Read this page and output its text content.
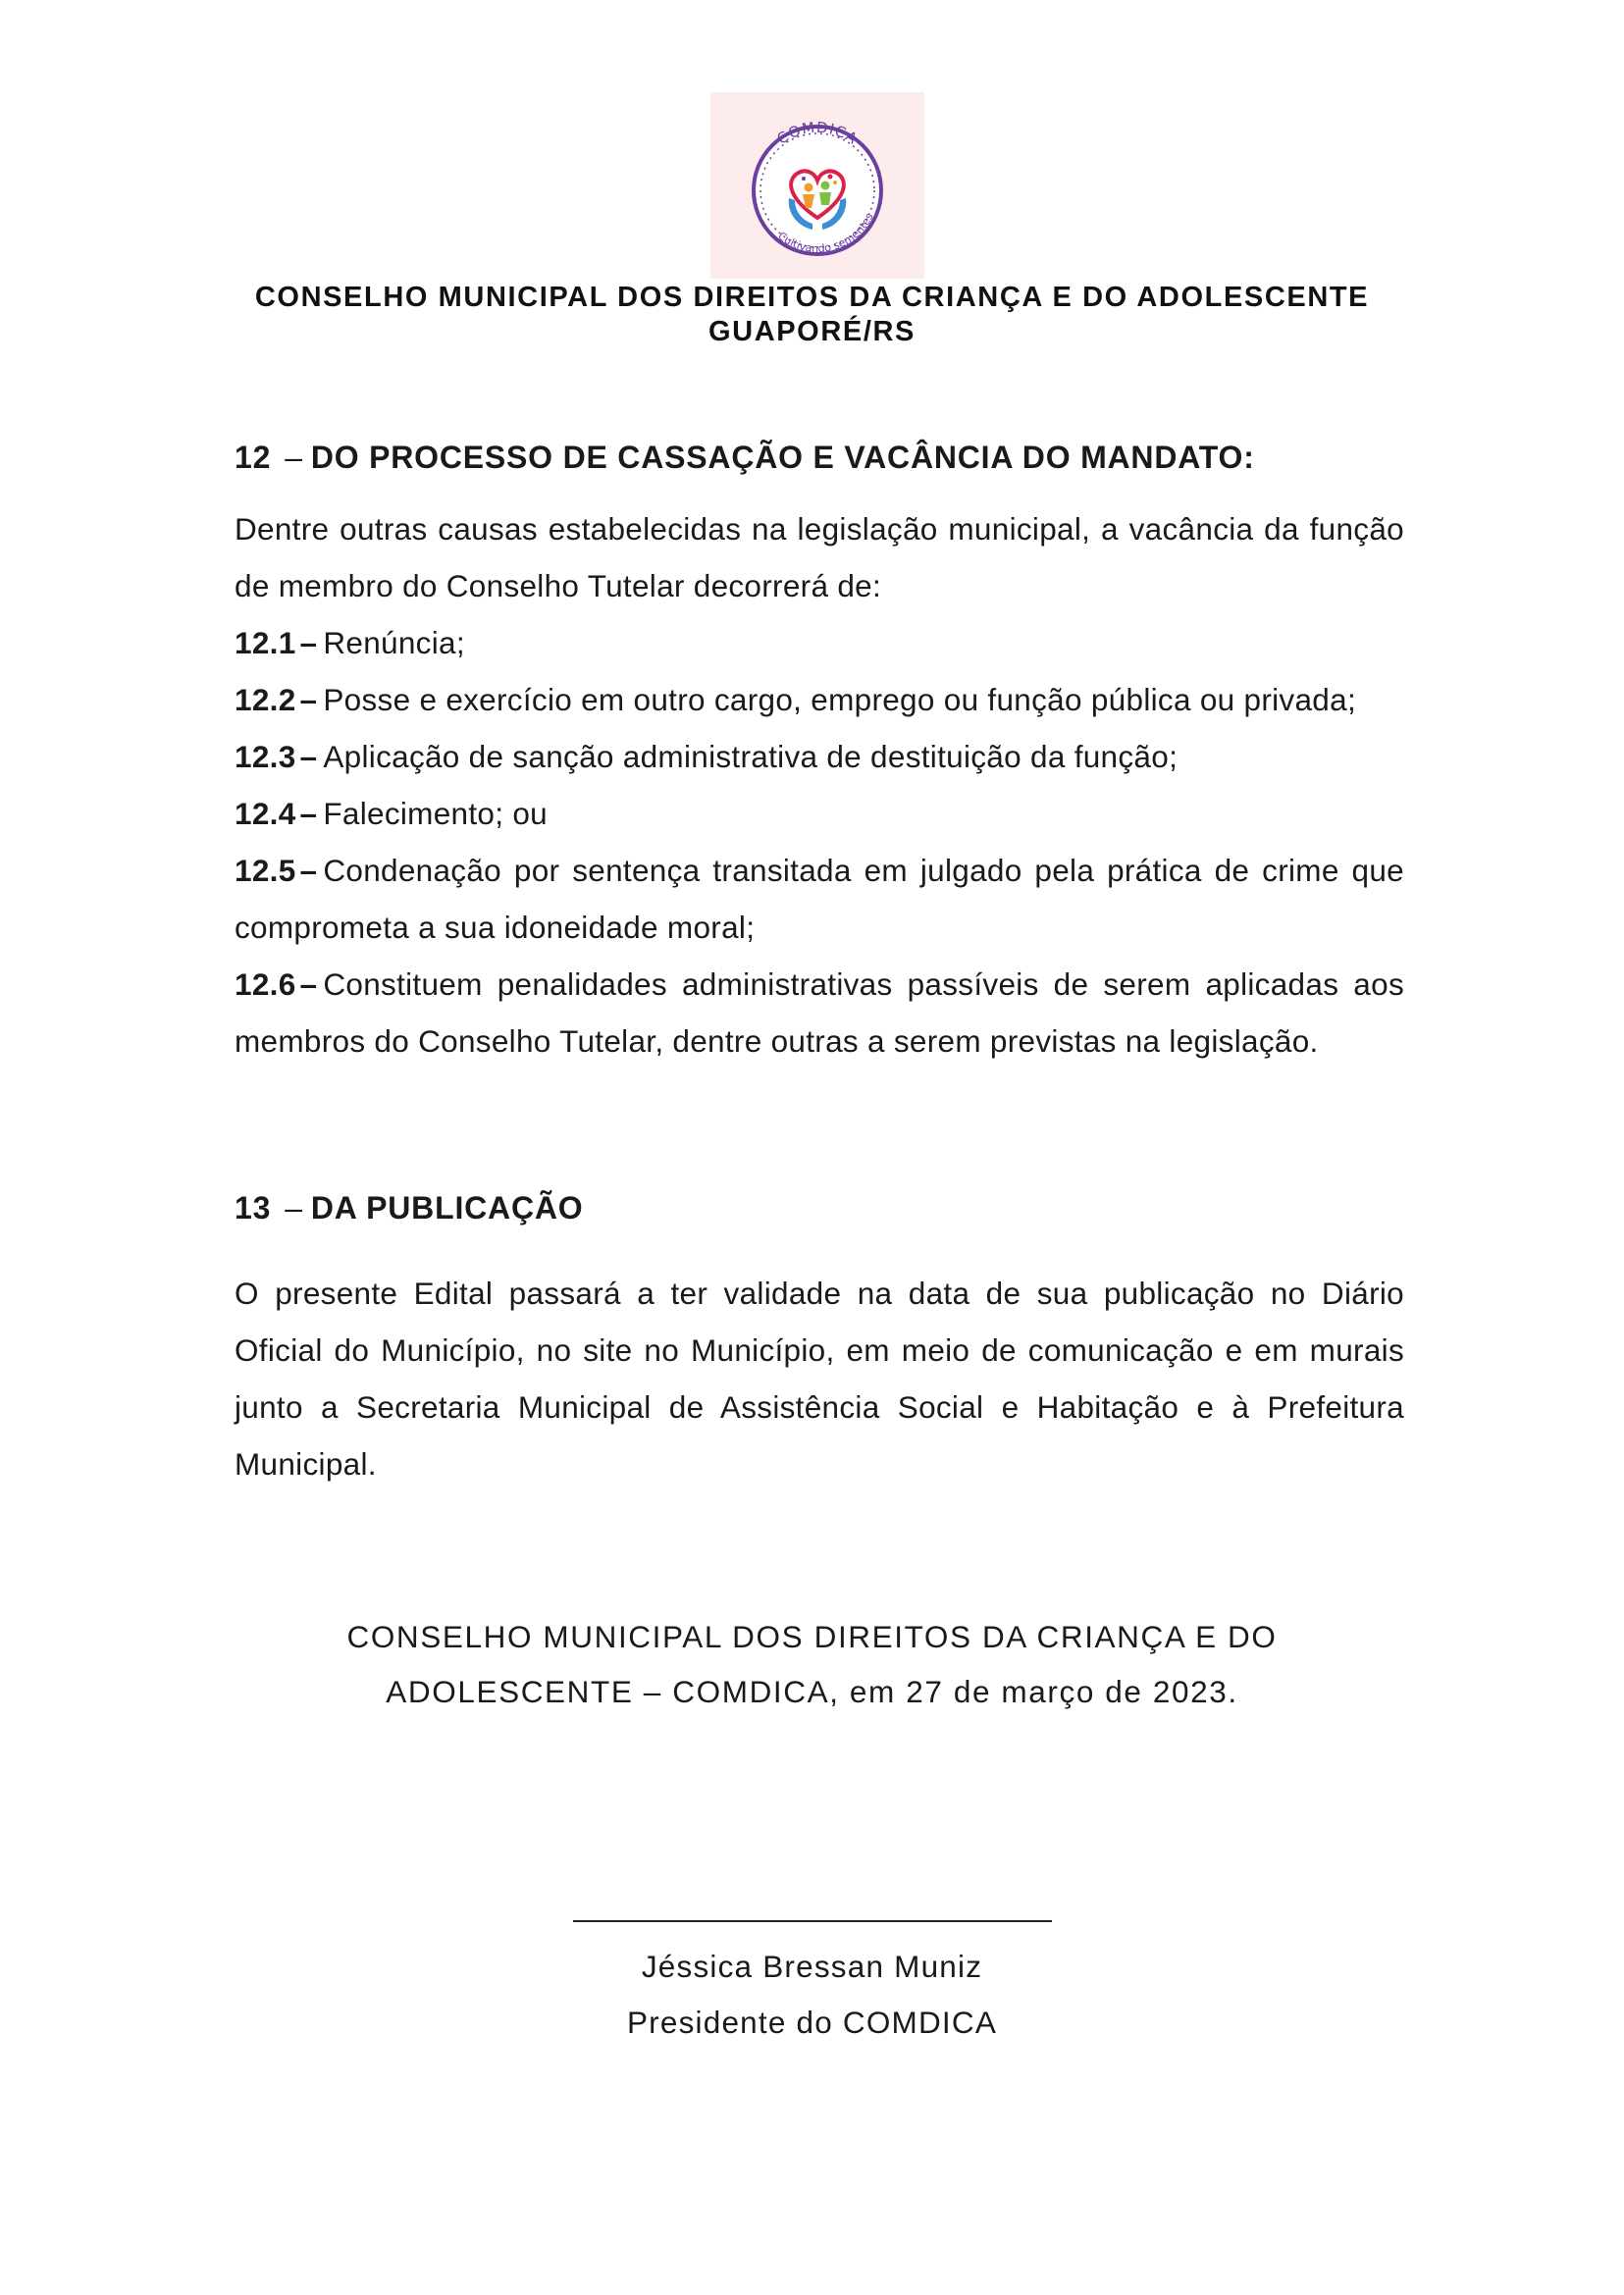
COMDICA
Cultivando sementes
CONSELHO MUNICIPAL DOS DIREITOS DA CRIANÇA E DO ADOLESCENTE
GUAPORÉ/RS
12 – DO PROCESSO DE CASSAÇÃO E VACÂNCIA DO MANDATO:

Dentre outras causas estabelecidas na legislação municipal, a vacância da função de membro do Conselho Tutelar decorrerá de:

12.1 – Renúncia;
12.2 – Posse e exercício em outro cargo, emprego ou função pública ou privada;
12.3 – Aplicação de sanção administrativa de destituição da função;
12.4 – Falecimento; ou
12.5 – Condenação por sentença transitada em julgado pela prática de crime que comprometa a sua idoneidade moral;
12.6 – Constituem penalidades administrativas passíveis de serem aplicadas aos membros do Conselho Tutelar, dentre outras a serem previstas na legislação.
13 – DA PUBLICAÇÃO

O presente Edital passará a ter validade na data de sua publicação no Diário Oficial do Município, no site no Município, em meio de comunicação e em murais junto a Secretaria Municipal de Assistência Social e Habitação e à Prefeitura Municipal.

CONSELHO MUNICIPAL DOS DIREITOS DA CRIANÇA E DO
ADOLESCENTE – COMDICA, em 27 de março de 2023.
Jéssica Bressan Muniz
Presidente do COMDICA
